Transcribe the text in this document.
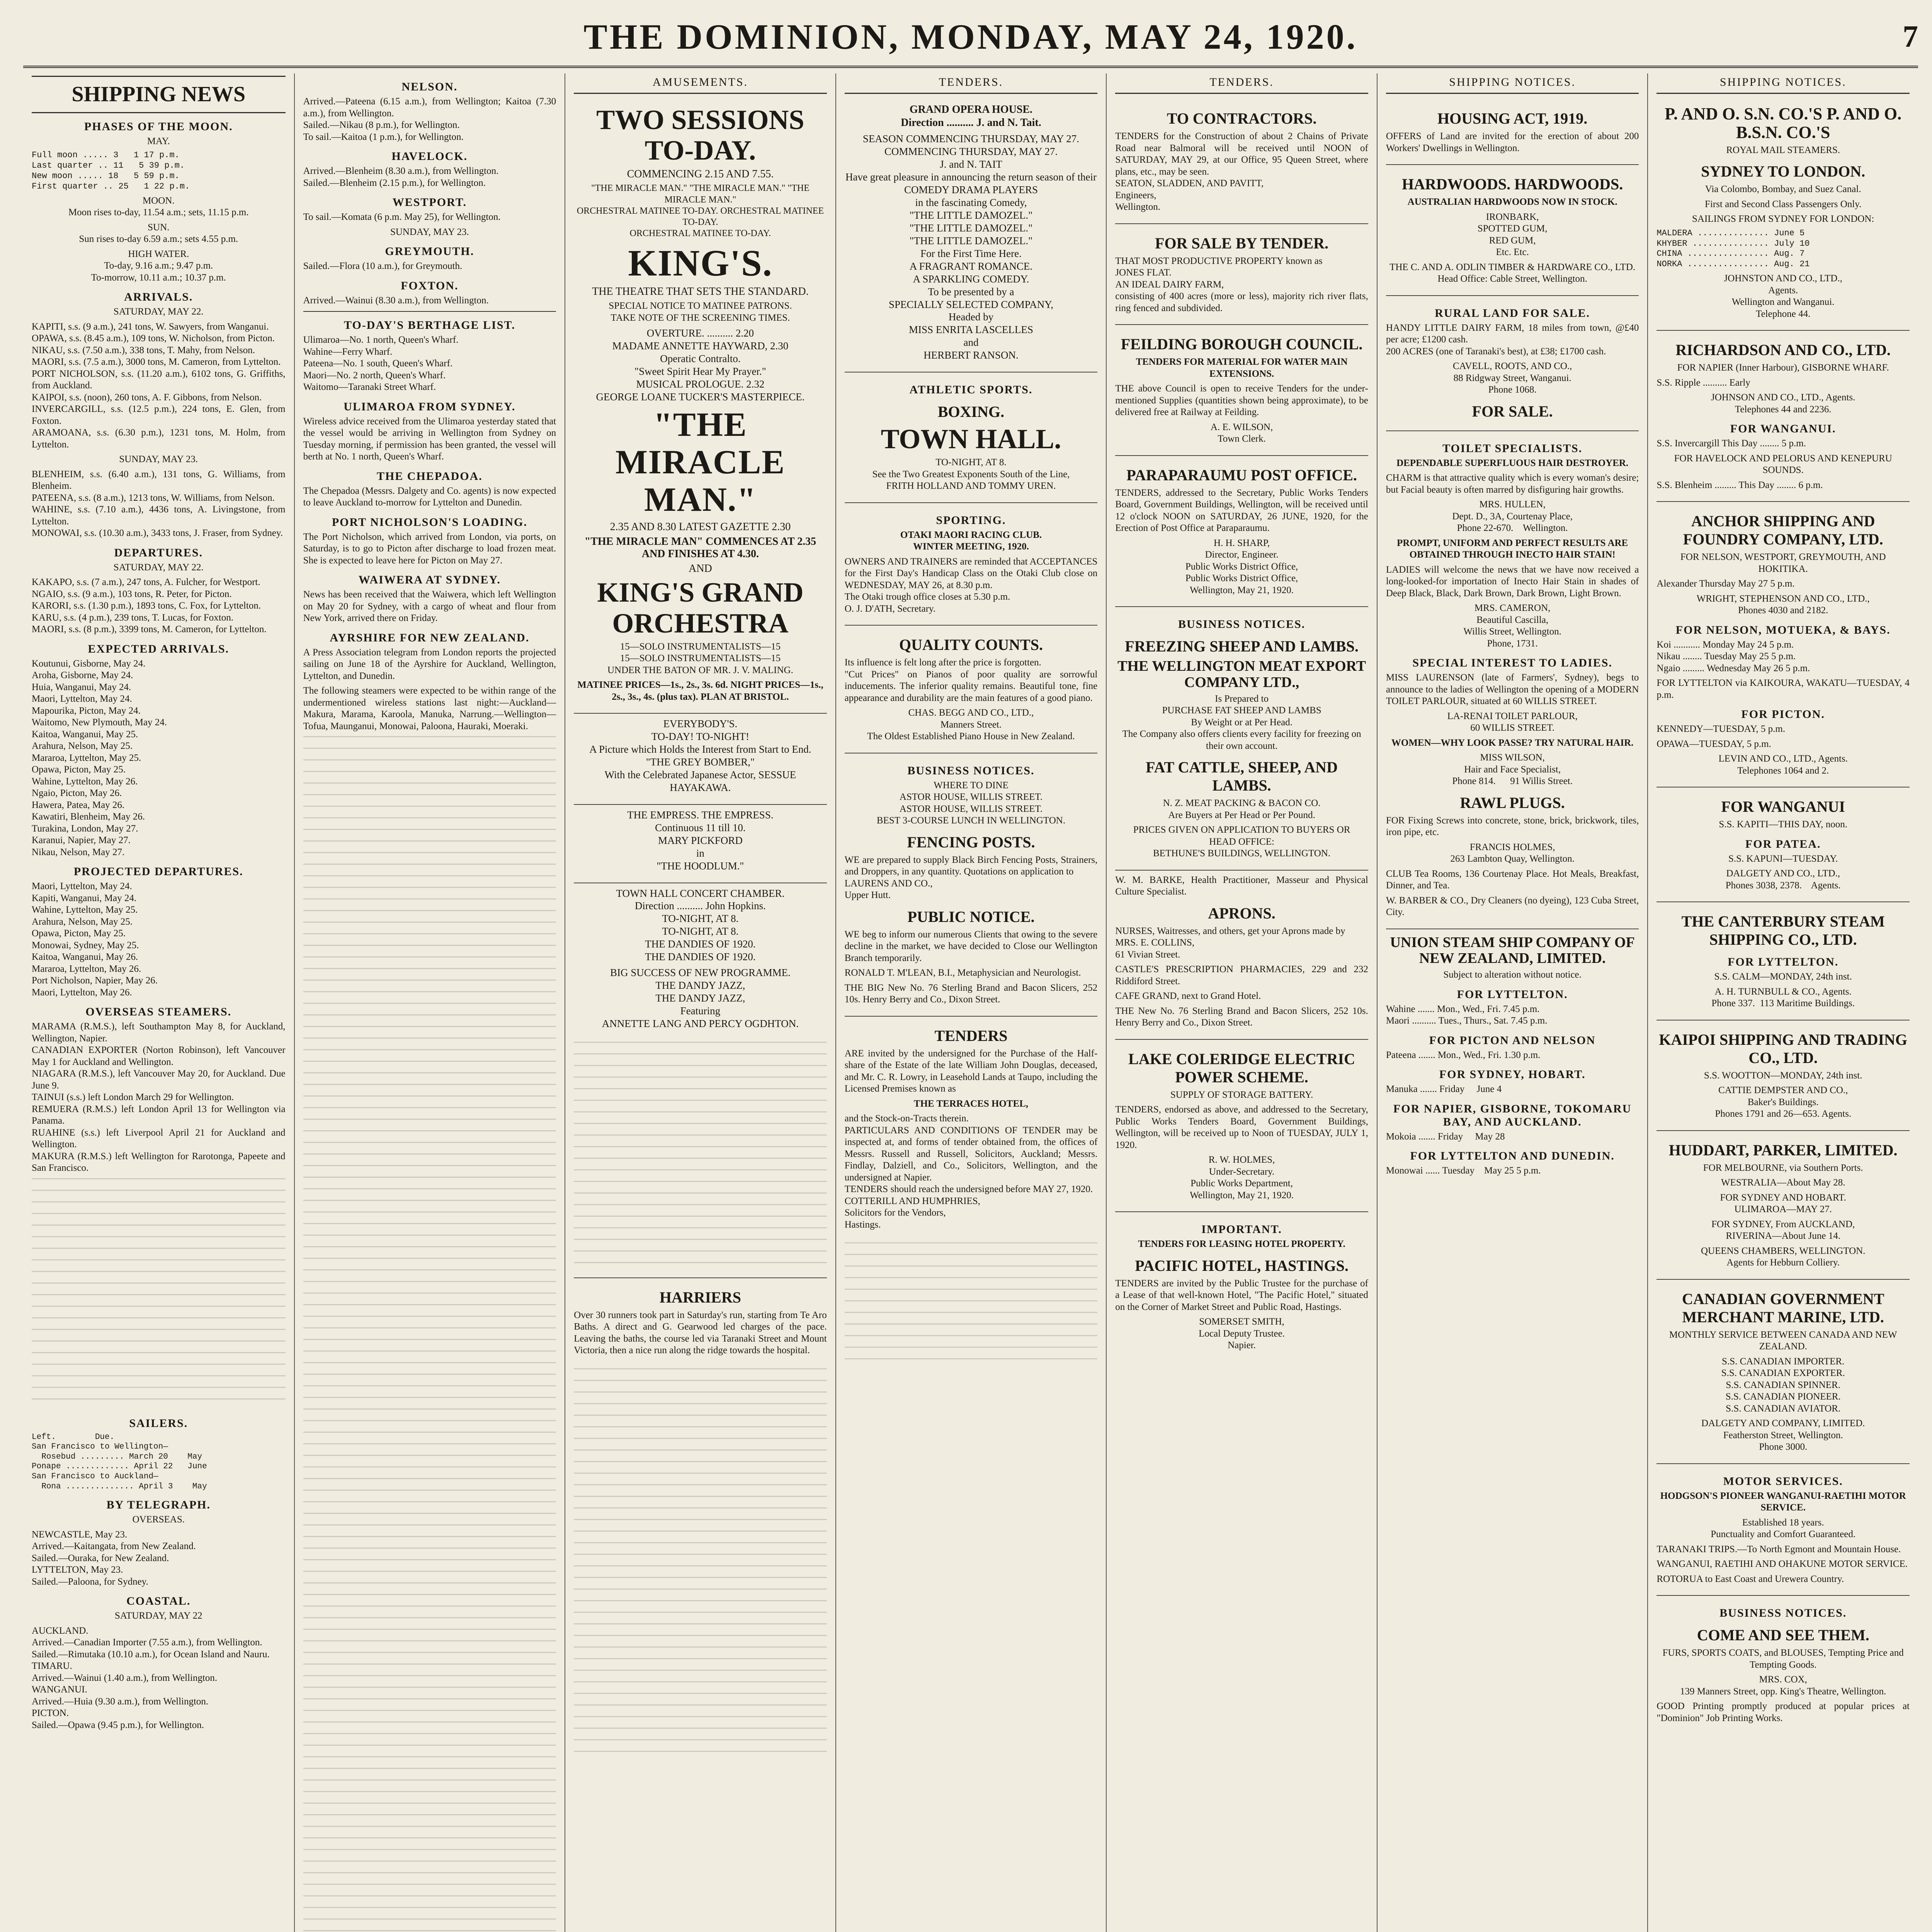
THE DOMINION, MONDAY, MAY 24, 1920.	7
SHIPPING NEWS
PHASES OF THE MOON.
MAY.
Full moon ..... 3   1 17 p.m.
Last quarter .. 11   5 39 p.m.
New moon ..... 18   5 59 p.m.
First quarter .. 25   1 22 p.m.
MOON.
Moon rises to-day, 11.54 a.m.; sets, 11.15 p.m.
SUN.
Sun rises to-day 6.59 a.m.; sets 4.55 p.m.
HIGH WATER.
To-day, 9.16 a.m.; 9.47 p.m.
To-morrow, 10.11 a.m.; 10.37 p.m.
ARRIVALS.
SATURDAY, MAY 22.
KAPITI, s.s. (9 a.m.), 241 tons, W. Sawyers, from Wanganui.
OPAWA, s.s. (8.45 a.m.), 109 tons, W. Nicholson, from Picton.
NIKAU, s.s. (7.50 a.m.), 338 tons, T. Mahy, from Nelson.
MAORI, s.s. (7.5 a.m.), 3000 tons, M. Cameron, from Lyttelton.
PORT NICHOLSON, s.s. (11.20 a.m.), 6102 tons, G. Griffiths, from Auckland.
KAIPOI, s.s. (noon), 260 tons, A. F. Gibbons, from Nelson.
INVERCARGILL, s.s. (12.5 p.m.), 224 tons, E. Glen, from Foxton.
ARAMOANA, s.s. (6.30 p.m.), 1231 tons, M. Holm, from Lyttelton.
SUNDAY, MAY 23.
BLENHEIM, s.s. (6.40 a.m.), 131 tons, G. Williams, from Blenheim.
PATEENA, s.s. (8 a.m.), 1213 tons, W. Williams, from Nelson.
WAHINE, s.s. (7.10 a.m.), 4436 tons, A. Livingstone, from Lyttelton.
MONOWAI, s.s. (10.30 a.m.), 3433 tons, J. Fraser, from Sydney.
DEPARTURES.
SATURDAY, MAY 22.
KAKAPO, s.s. (7 a.m.), 247 tons, A. Fulcher, for Westport.
NGAIO, s.s. (9 a.m.), 103 tons, R. Peter, for Picton.
KARORI, s.s. (1.30 p.m.), 1893 tons, C. Fox, for Lyttelton.
KARU, s.s. (4 p.m.), 239 tons, T. Lucas, for Foxton.
MAORI, s.s. (8 p.m.), 3399 tons, M. Cameron, for Lyttelton.
EXPECTED ARRIVALS.
Koutunui, Gisborne, May 24.
Aroha, Gisborne, May 24.
Huia, Wanganui, May 24.
Maori, Lyttelton, May 24.
Mapourika, Picton, May 24.
Waitomo, New Plymouth, May 24.
Kaitoa, Wanganui, May 25.
Arahura, Nelson, May 25.
Mararoa, Lyttelton, May 25.
Opawa, Picton, May 25.
Wahine, Lyttelton, May 26.
Ngaio, Picton, May 26.
Hawera, Patea, May 26.
Kawatiri, Blenheim, May 26.
Turakina, London, May 27.
Karanui, Napier, May 27.
Nikau, Nelson, May 27.
PROJECTED DEPARTURES.
Maori, Lyttelton, May 24.
Kapiti, Wanganui, May 24.
Wahine, Lyttelton, May 25.
Arahura, Nelson, May 25.
Opawa, Picton, May 25.
Monowai, Sydney, May 25.
Kaitoa, Wanganui, May 26.
Mararoa, Lyttelton, May 26.
Port Nicholson, Napier, May 26.
Maori, Lyttelton, May 26.
OVERSEAS STEAMERS.
MARAMA (R.M.S.), left Southampton May 8, for Auckland, Wellington, Napier.
CANADIAN EXPORTER (Norton Robinson), left Vancouver May 1 for Auckland and Wellington.
NIAGARA (R.M.S.), left Vancouver May 20, for Auckland. Due June 9.
TAINUI (s.s.) left London March 29 for Wellington.
REMUERA (R.M.S.) left London April 13 for Wellington via Panama.
RUAHINE (s.s.) left Liverpool April 21 for Auckland and Wellington.
MAKURA (R.M.S.) left Wellington for Rarotonga, Papeete and San Francisco.
SAILERS.
Left.        Due.
San Francisco to Wellington—
Rosebud ......... March 20    May
Ponape ............. April 22   June
San Francisco to Auckland—
Rona .............. April 3    May
BY TELEGRAPH.
OVERSEAS.
NEWCASTLE, May 23.
Arrived.—Kaitangata, from New Zealand.
Sailed.—Ouraka, for New Zealand.
LYTTELTON, May 23.
Sailed.—Paloona, for Sydney.
COASTAL.
SATURDAY, MAY 22
AUCKLAND.
Arrived.—Canadian Importer (7.55 a.m.), from Wellington.
Sailed.—Rimutaka (10.10 a.m.), for Ocean Island and Nauru.
TIMARU.
Arrived.—Wainui (1.40 a.m.), from Wellington.
WANGANUI.
Arrived.—Huia (9.30 a.m.), from Wellington.
PICTON.
Sailed.—Opawa (9.45 p.m.), for Wellington.
NELSON.
Arrived.—Pateena (6.15 a.m.), from Wellington; Kaitoa (7.30 a.m.), from Wellington.
Sailed.—Nikau (8 p.m.), for Wellington.
To sail.—Kaitoa (1 p.m.), for Wellington.
HAVELOCK.
Arrived.—Blenheim (8.30 a.m.), from Wellington.
Sailed.—Blenheim (2.15 p.m.), for Wellington.
WESTPORT.
To sail.—Komata (6 p.m. May 25), for Wellington.
SUNDAY, MAY 23.
GREYMOUTH.
Sailed.—Flora (10 a.m.), for Greymouth.
FOXTON.
Arrived.—Wainui (8.30 a.m.), from Wellington.
TO-DAY'S BERTHAGE LIST.
Ulimaroa—No. 1 north, Queen's Wharf.
Wahine—Ferry Wharf.
Pateena—No. 1 south, Queen's Wharf.
Maori—No. 2 north, Queen's Wharf.
Waitomo—Taranaki Street Wharf.
ULIMAROA FROM SYDNEY.
Wireless advice received from the Ulimaroa yesterday stated that the vessel would be arriving in Wellington from Sydney on Tuesday morning, if permission has been granted, the vessel will berth at No. 1 north, Queen's Wharf.
THE CHEPADOA.
The Chepadoa (Messrs. Dalgety and Co. agents) is now expected to leave Auckland to-morrow for Lyttelton and Dunedin.
PORT NICHOLSON'S LOADING.
The Port Nicholson, which arrived from London, via ports, on Saturday, is to go to Picton after discharge to load frozen meat. She is expected to leave here for Picton on May 27.
WAIWERA AT SYDNEY.
News has been received that the Waiwera, which left Wellington on May 20 for Sydney, with a cargo of wheat and flour from New York, arrived there on Friday.
AYRSHIRE FOR NEW ZEALAND.
A Press Association telegram from London reports the projected sailing on June 18 of the Ayrshire for Auckland, Wellington, Lyttelton, and Dunedin.
The following steamers were expected to be within range of the undermentioned wireless stations last night:—Auckland—Makura, Marama, Karoola, Manuka, Narrung.—Wellington—Tofua, Maunganui, Monowai, Paloona, Hauraki, Moeraki.
AMUSEMENTS.
TWO SESSIONS TO-DAY.
COMMENCING 2.15 AND 7.55.
"THE MIRACLE MAN." "THE MIRACLE MAN." "THE MIRACLE MAN."
ORCHESTRAL MATINEE TO-DAY. ORCHESTRAL MATINEE TO-DAY.
ORCHESTRAL MATINEE TO-DAY.
KING'S.
THE THEATRE THAT SETS THE STANDARD.
SPECIAL NOTICE TO MATINEE PATRONS.
TAKE NOTE OF THE SCREENING TIMES.
OVERTURE. .......... 2.20
MADAME ANNETTE HAYWARD, 2.30
Operatic Contralto.
"Sweet Spirit Hear My Prayer."
MUSICAL PROLOGUE. 2.32
GEORGE LOANE TUCKER'S MASTERPIECE.
"THE MIRACLE MAN."
2.35 AND 8.30 LATEST GAZETTE 2.30
"THE MIRACLE MAN" COMMENCES AT 2.35 AND FINISHES AT 4.30.
AND
KING'S GRAND ORCHESTRA
15—SOLO INSTRUMENTALISTS—15
15—SOLO INSTRUMENTALISTS—15
UNDER THE BATON OF MR. J. V. MALING.
MATINEE PRICES—1s., 2s., 3s. 6d. NIGHT PRICES—1s., 2s., 3s., 4s. (plus tax). PLAN AT BRISTOL.
EVERYBODY'S.
TO-DAY! TO-NIGHT!
A Picture which Holds the Interest from Start to End.
"THE GREY BOMBER,"
With the Celebrated Japanese Actor, SESSUE HAYAKAWA.
THE EMPRESS. THE EMPRESS.
Continuous 11 till 10.
MARY PICKFORD
in
"THE HOODLUM."
TOWN HALL CONCERT CHAMBER.
Direction .......... John Hopkins.
TO-NIGHT, AT 8.
TO-NIGHT, AT 8.
THE DANDIES OF 1920.
THE DANDIES OF 1920.
BIG SUCCESS OF NEW PROGRAMME.
THE DANDY JAZZ,
THE DANDY JAZZ,
Featuring
ANNETTE LANG AND PERCY OGDHTON.
HARRIERS
Over 30 runners took part in Saturday's run, starting from Te Aro Baths. A direct and G. Gearwood led charges of the pace. Leaving the baths, the course led via Taranaki Street and Mount Victoria, then a nice run along the ridge towards the hospital.
TENDERS.
GRAND OPERA HOUSE.
Direction .......... J. and N. Tait.
SEASON COMMENCING THURSDAY, MAY 27.
COMMENCING THURSDAY, MAY 27.
J. and N. TAIT
Have great pleasure in announcing the return season of their
COMEDY DRAMA PLAYERS
in the fascinating Comedy,
"THE LITTLE DAMOZEL."
"THE LITTLE DAMOZEL."
"THE LITTLE DAMOZEL."
For the First Time Here.
A FRAGRANT ROMANCE.
A SPARKLING COMEDY.
To be presented by a
SPECIALLY SELECTED COMPANY,
Headed by
MISS ENRITA LASCELLES
and
HERBERT RANSON.
ATHLETIC SPORTS.
BOXING.
TOWN HALL.
TO-NIGHT, AT 8.
See the Two Greatest Exponents South of the Line,
FRITH HOLLAND AND TOMMY UREN.
SPORTING.
OTAKI MAORI RACING CLUB.
WINTER MEETING, 1920.
OWNERS AND TRAINERS are reminded that ACCEPTANCES for the First Day's Handicap Class on the Otaki Club close on WEDNESDAY, MAY 26, at 8.30 p.m.
The Otaki trough office closes at 5.30 p.m.
O. J. D'ATH, Secretary.
QUALITY COUNTS.
Its influence is felt long after the price is forgotten.
"Cut Prices" on Pianos of poor quality are sorrowful inducements. The inferior quality remains. Beautiful tone, fine appearance and durability are the main features of a good piano.
CHAS. BEGG AND CO., LTD.,
Manners Street.
The Oldest Established Piano House in New Zealand.
BUSINESS NOTICES.
WHERE TO DINE
ASTOR HOUSE, WILLIS STREET.
ASTOR HOUSE, WILLIS STREET.
BEST 3-COURSE LUNCH IN WELLINGTON.
FENCING POSTS.
WE are prepared to supply Black Birch Fencing Posts, Strainers, and Droppers, in any quantity. Quotations on application to
LAURENS AND CO.,
Upper Hutt.
PUBLIC NOTICE.
WE beg to inform our numerous Clients that owing to the severe decline in the market, we have decided to Close our Wellington Branch temporarily.
RONALD T. M'LEAN, B.I., Metaphysician and Neurologist.
THE BIG New No. 76 Sterling Brand and Bacon Slicers, 252 10s. Henry Berry and Co., Dixon Street.
TENDERS
ARE invited by the undersigned for the Purchase of the Half-share of the Estate of the late William John Douglas, deceased, and Mr. C. R. Lowry, in Leasehold Lands at Taupo, including the Licensed Premises known as
THE TERRACES HOTEL,
and the Stock-on-Tracts therein.
PARTICULARS AND CONDITIONS OF TENDER may be inspected at, and forms of tender obtained from, the offices of Messrs. Russell and Russell, Solicitors, Auckland; Messrs. Findlay, Dalziell, and Co., Solicitors, Wellington, and the undersigned at Napier.
TENDERS should reach the undersigned before MAY 27, 1920.
COTTERILL AND HUMPHRIES,
Solicitors for the Vendors,
Hastings.
TENDERS.
TO CONTRACTORS.
TENDERS for the Construction of about 2 Chains of Private Road near Balmoral will be received until NOON of SATURDAY, MAY 29, at our Office, 95 Queen Street, where plans, etc., may be seen.
SEATON, SLADDEN, AND PAVITT,
Engineers,
Wellington.
FOR SALE BY TENDER.
THAT MOST PRODUCTIVE PROPERTY known as
JONES FLAT.
AN IDEAL DAIRY FARM,
consisting of 400 acres (more or less), majority rich river flats, ring fenced and subdivided.
FEILDING BOROUGH COUNCIL.
TENDERS FOR MATERIAL FOR WATER MAIN EXTENSIONS.
THE above Council is open to receive Tenders for the under-mentioned Supplies (quantities shown being approximate), to be delivered free at Railway at Feilding.
A. E. WILSON,
Town Clerk.
PARAPARAUMU POST OFFICE.
TENDERS, addressed to the Secretary, Public Works Tenders Board, Government Buildings, Wellington, will be received until 12 o'clock NOON on SATURDAY, 26 JUNE, 1920, for the Erection of Post Office at Paraparaumu.
H. H. SHARP,
Director, Engineer.
Public Works District Office,
Public Works District Office,
Wellington, May 21, 1920.
BUSINESS NOTICES.
FREEZING SHEEP AND LAMBS.
THE WELLINGTON MEAT EXPORT COMPANY LTD.,
Is Prepared to
PURCHASE FAT SHEEP AND LAMBS
By Weight or at Per Head.
The Company also offers clients every facility for freezing on their own account.
FAT CATTLE, SHEEP, AND LAMBS.
N. Z. MEAT PACKING & BACON CO.
Are Buyers at Per Head or Per Pound.
PRICES GIVEN ON APPLICATION TO BUYERS OR
HEAD OFFICE:
BETHUNE'S BUILDINGS, WELLINGTON.
W. M. BARKE, Health Practitioner, Masseur and Physical Culture Specialist.
APRONS.
NURSES, Waitresses, and others, get your Aprons made by
MRS. E. COLLINS,
61 Vivian Street.
CASTLE'S PRESCRIPTION PHARMACIES, 229 and 232 Riddiford Street.
CAFE GRAND, next to Grand Hotel.
THE New No. 76 Sterling Brand and Bacon Slicers, 252 10s. Henry Berry and Co., Dixon Street.
LAKE COLERIDGE ELECTRIC POWER SCHEME.
SUPPLY OF STORAGE BATTERY.
TENDERS, endorsed as above, and addressed to the Secretary, Public Works Tenders Board, Government Buildings, Wellington, will be received up to Noon of TUESDAY, JULY 1, 1920.
R. W. HOLMES,
Under-Secretary.
Public Works Department,
Wellington, May 21, 1920.
IMPORTANT.
TENDERS FOR LEASING HOTEL PROPERTY.
PACIFIC HOTEL, HASTINGS.
TENDERS are invited by the Public Trustee for the purchase of a Lease of that well-known Hotel, "The Pacific Hotel," situated on the Corner of Market Street and Public Road, Hastings.
SOMERSET SMITH,
Local Deputy Trustee.
Napier.
SHIPPING NOTICES.
HOUSING ACT, 1919.
OFFERS of Land are invited for the erection of about 200 Workers' Dwellings in Wellington.
HARDWOODS. HARDWOODS.
AUSTRALIAN HARDWOODS NOW IN STOCK.
IRONBARK,
SPOTTED GUM,
RED GUM,
Etc. Etc.
THE C. AND A. ODLIN TIMBER & HARDWARE CO., LTD.
Head Office: Cable Street, Wellington.
RURAL LAND FOR SALE.
HANDY LITTLE DAIRY FARM, 18 miles from town, @£40 per acre; £1200 cash.
200 ACRES (one of Taranaki's best), at £38; £1700 cash.
CAVELL, ROOTS, AND CO.,
88 Ridgway Street, Wanganui.
Phone 1068.
FOR SALE.
TOILET SPECIALISTS.
DEPENDABLE SUPERFLUOUS HAIR DESTROYER.
CHARM is that attractive quality which is every woman's desire; but Facial beauty is often marred by disfiguring hair growths.
MRS. HULLEN,
Dept. D., 3A, Courtenay Place,
Phone 22-670.    Wellington.
PROMPT, UNIFORM AND PERFECT RESULTS ARE OBTAINED THROUGH INECTO HAIR STAIN!
LADIES will welcome the news that we have now received a long-looked-for importation of Inecto Hair Stain in shades of Deep Black, Black, Dark Brown, Dark Brown, Light Brown.
MRS. CAMERON,
Beautiful Cascilla,
Willis Street, Wellington.
Phone, 1731.
SPECIAL INTEREST TO LADIES.
MISS LAURENSON (late of Farmers', Sydney), begs to announce to the ladies of Wellington the opening of a MODERN TOILET PARLOUR, situated at 60 WILLIS STREET.
LA-RENAI TOILET PARLOUR,
60 WILLIS STREET.
WOMEN—WHY LOOK PASSE? TRY NATURAL HAIR.
MISS WILSON,
Hair and Face Specialist,
Phone 814.      91 Willis Street.
RAWL PLUGS.
FOR Fixing Screws into concrete, stone, brick, brickwork, tiles, iron pipe, etc.
FRANCIS HOLMES,
263 Lambton Quay, Wellington.
CLUB Tea Rooms, 136 Courtenay Place. Hot Meals, Breakfast, Dinner, and Tea.
W. BARBER & CO., Dry Cleaners (no dyeing), 123 Cuba Street, City.
UNION STEAM SHIP COMPANY OF NEW ZEALAND, LIMITED.
Subject to alteration without notice.
FOR LYTTELTON.
Wahine ....... Mon., Wed., Fri. 7.45 p.m.
Maori .......... Tues., Thurs., Sat. 7.45 p.m.
FOR PICTON AND NELSON
Pateena ....... Mon., Wed., Fri. 1.30 p.m.
FOR SYDNEY, HOBART.
Manuka ....... Friday     June 4
FOR NAPIER, GISBORNE, TOKOMARU BAY, AND AUCKLAND.
Mokoia ....... Friday     May 28
FOR LYTTELTON AND DUNEDIN.
Monowai ...... Tuesday    May 25 5 p.m.
SHIPPING NOTICES.
P. AND O. S.N. CO.'S P. AND O. B.S.N. CO.'S
ROYAL MAIL STEAMERS.
SYDNEY TO LONDON.
Via Colombo, Bombay, and Suez Canal.
First and Second Class Passengers Only.
SAILINGS FROM SYDNEY FOR LONDON:
MALDERA .............. June 5
KHYBER ............... July 10
CHINA ................ Aug. 7
NORKA ................ Aug. 21
JOHNSTON AND CO., LTD.,
Agents.
Wellington and Wanganui.
Telephone 44.
RICHARDSON AND CO., LTD.
FOR NAPIER (Inner Harbour), GISBORNE WHARF.
S.S. Ripple .......... Early
JOHNSON AND CO., LTD., Agents.
Telephones 44 and 2236.
FOR WANGANUI.
S.S. Invercargill This Day ........ 5 p.m.
FOR HAVELOCK AND PELORUS AND KENEPURU SOUNDS.
S.S. Blenheim ......... This Day ........ 6 p.m.
ANCHOR SHIPPING AND FOUNDRY COMPANY, LTD.
FOR NELSON, WESTPORT, GREYMOUTH, AND HOKITIKA.
Alexander Thursday May 27 5 p.m.
WRIGHT, STEPHENSON AND CO., LTD.,
Phones 4030 and 2182.
FOR NELSON, MOTUEKA, & BAYS.
Koi ........... Monday May 24 5 p.m.
Nikau ........ Tuesday May 25 5 p.m.
Ngaio ......... Wednesday May 26 5 p.m.
FOR LYTTELTON via KAIKOURA, WAKATU—TUESDAY, 4 p.m.
FOR PICTON.
KENNEDY—TUESDAY, 5 p.m.
OPAWA—TUESDAY, 5 p.m.
LEVIN AND CO., LTD., Agents.
Telephones 1064 and 2.
FOR WANGANUI
S.S. KAPITI—THIS DAY, noon.
FOR PATEA.
S.S. KAPUNI—TUESDAY.
DALGETY AND CO., LTD.,
Phones 3038, 2378.    Agents.
THE CANTERBURY STEAM SHIPPING CO., LTD.
FOR LYTTELTON.
S.S. CALM—MONDAY, 24th inst.
A. H. TURNBULL & CO., Agents.
Phone 337.  113 Maritime Buildings.
KAIPOI SHIPPING AND TRADING CO., LTD.
S.S. WOOTTON—MONDAY, 24th inst.
CATTIE DEMPSTER AND CO.,
Baker's Buildings.
Phones 1791 and 26—653. Agents.
HUDDART, PARKER, LIMITED.
FOR MELBOURNE, via Southern Ports.
WESTRALIA—About May 28.
FOR SYDNEY AND HOBART.
ULIMAROA—MAY 27.
FOR SYDNEY, From AUCKLAND,
RIVERINA—About June 14.
QUEENS CHAMBERS, WELLINGTON.
Agents for Hebburn Colliery.
CANADIAN GOVERNMENT MERCHANT MARINE, LTD.
MONTHLY SERVICE BETWEEN CANADA AND NEW ZEALAND.
S.S. CANADIAN IMPORTER.
S.S. CANADIAN EXPORTER.
S.S. CANADIAN SPINNER.
S.S. CANADIAN PIONEER.
S.S. CANADIAN AVIATOR.
DALGETY AND COMPANY, LIMITED.
Featherston Street, Wellington.
Phone 3000.
MOTOR SERVICES.
HODGSON'S PIONEER WANGANUI-RAETIHI MOTOR SERVICE.
Established 18 years.
Punctuality and Comfort Guaranteed.
TARANAKI TRIPS.—To North Egmont and Mountain House.
WANGANUI, RAETIHI AND OHAKUNE MOTOR SERVICE.
ROTORUA to East Coast and Urewera Country.
BUSINESS NOTICES.
COME AND SEE THEM.
FURS, SPORTS COATS, and BLOUSES, Tempting Price and Tempting Goods.
MRS. COX,
139 Manners Street, opp. King's Theatre, Wellington.
GOOD Printing promptly produced at popular prices at "Dominion" Job Printing Works.
